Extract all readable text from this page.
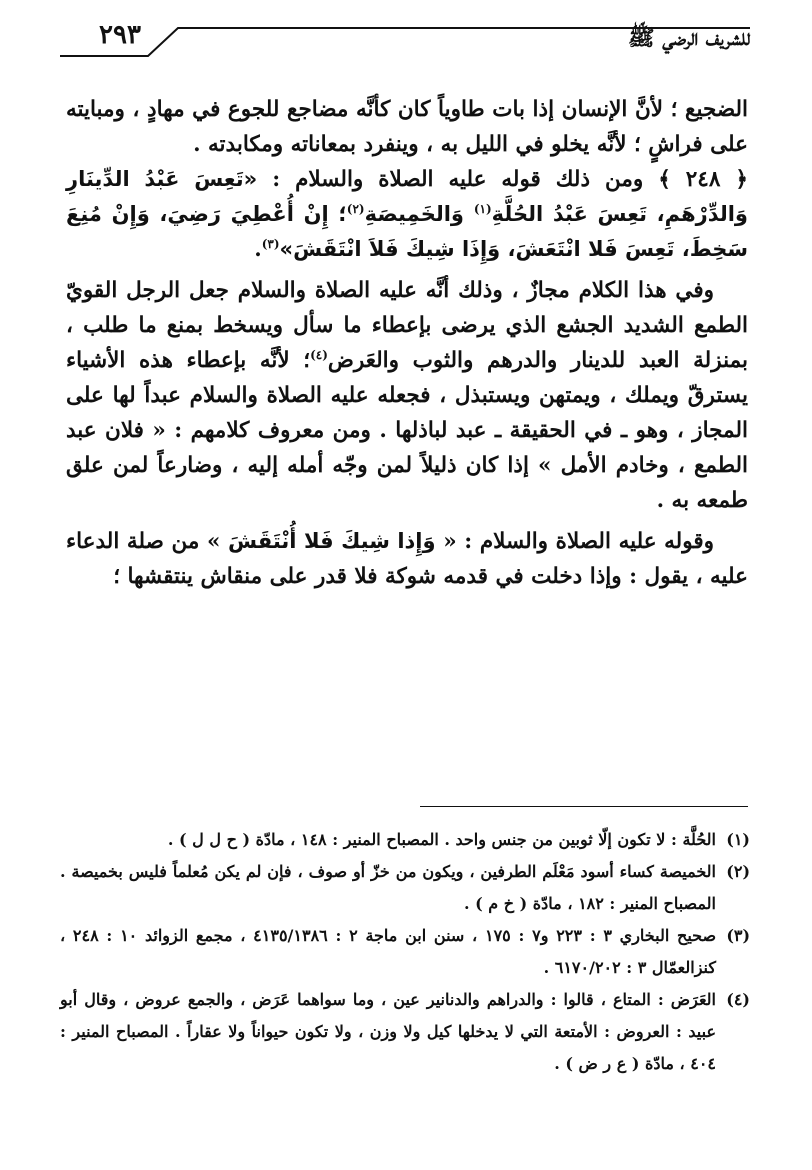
٢٩٣	للشريف الرضي ﷺ

الضجيع ؛ لأنَّ الإنسان إذا بات طاوياً كان كأنَّه مضاجع للجوع في مهادٍ ، ومبايته على فراشٍ ؛ لأنَّه يخلو في الليل به ، وينفرد بمعاناته ومكابدته .

﴿ ٢٤٨ ﴾ ومن ذلك قوله عليه الصلاة والسلام : «تَعِسَ عَبْدُ الدِّينَارِ وَالدِّرْهَمِ، تَعِسَ عَبْدُ الحُلَّةِ$^{(١)}$ وَالخَمِيصَةِ$^{(٢)}$؛ إِنْ أُعْطِيَ رَضِيَ، وَإِنْ مُنِعَ سَخِطَ، تَعِسَ فَلا انْتَعَشَ، وَإِذَا شِيكَ فَلاَ انْتَقَشَ»$^{(٣)}$.

وفي هذا الكلام مجازٌ ، وذلك أنَّه عليه الصلاة والسلام جعل الرجل القويّ الطمع الشديد الجشع الذي يرضى بإعطاء ما سأل ويسخط بمنع ما طلب ، بمنزلة العبد للدينار والدرهم والثوب والعَرض$^{(٤)}$؛ لأنَّه بإعطاء هذه الأشياء يسترقّ ويملك ، ويمتهن ويستبذل ، فجعله عليه الصلاة والسلام عبداً لها على المجاز ، وهو ـ في الحقيقة ـ عبد لباذلها . ومن معروف كلامهم : « فلان عبد الطمع ، وخادم الأمل » إذا كان ذليلاً لمن وجّه أمله إليه ، وضارعاً لمن علق طمعه به .

وقوله عليه الصلاة والسلام : « وَإِذا شِيكَ فَلا أُنْتَقَشَ » من صلة الدعاء عليه ، يقول : وإذا دخلت في قدمه شوكة فلا قدر على منقاش ينتقشها ؛

(١)الحُلَّة : لا تكون إلّا ثوبين من جنس واحد . المصباح المنير : ١٤٨ ، مادّة ( ح ل ل ) .

(٢)الخميصة كساء أسود مَعْلَم الطرفين ، ويكون من خزّ أو صوف ، فإن لم يكن مُعلماً فليس بخميصة . المصباح المنير : ١٨٢ ، مادّة ( خ م ) .

(٣)صحيح البخاري ٣ : ٢٢٣ و٧ : ١٧٥ ، سنن ابن ماجة ٢ : ٤١٣٥/١٣٨٦ ، مجمع الزوائد ١٠ : ٢٤٨ ، كنزالعمّال ٣ : ٦١٧٠/٢٠٢ .

(٤)العَرَض : المتاع ، قالوا : والدراهم والدنانير عين ، وما سواهما عَرَض ، والجمع عروض ، وقال أبو عبيد : العروض : الأمتعة التي لا يدخلها كيل ولا وزن ، ولا تكون حيواناً ولا عقاراً . المصباح المنير : ٤٠٤ ، مادّة ( ع ر ض ) .
